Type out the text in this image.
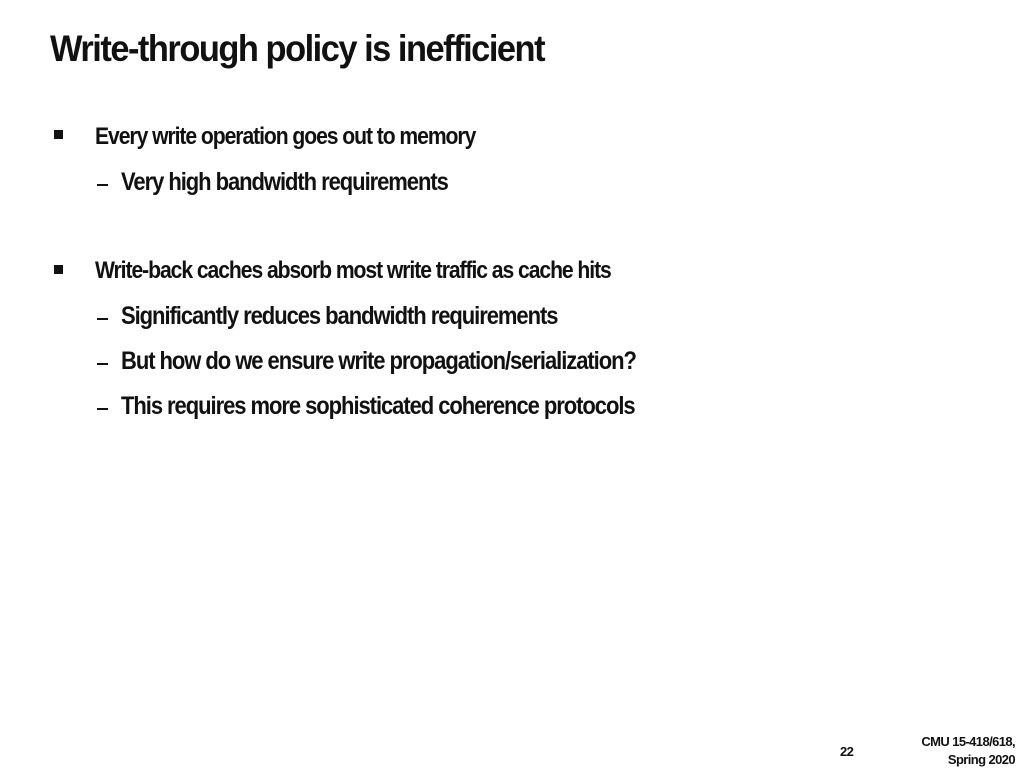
Write-through policy is inefficient
Every write operation goes out to memory
Very high bandwidth requirements
Write-back caches absorb most write traffic as cache hits
Significantly reduces bandwidth requirements
But how do we ensure write propagation/serialization?
This requires more sophisticated coherence protocols
22
CMU 15-418/618,
Spring 2020
